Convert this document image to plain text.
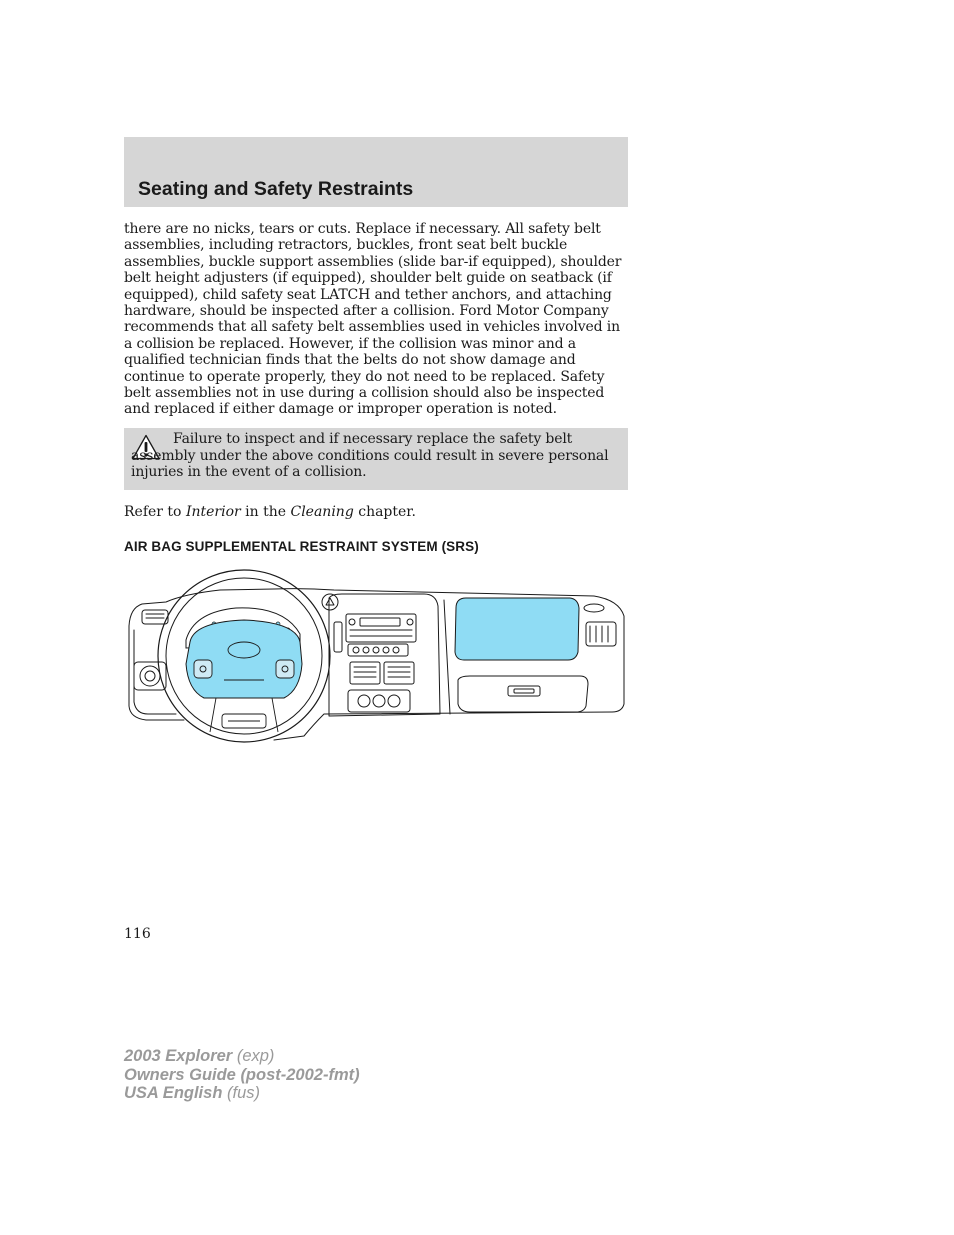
Seating and Safety Restraints

there are no nicks, tears or cuts. Replace if necessary. All safety belt assemblies, including retractors, buckles, front seat belt buckle assemblies, buckle support assemblies (slide bar-if equipped), shoulder belt height adjusters (if equipped), shoulder belt guide on seatback (if equipped), child safety seat LATCH and tether anchors, and attaching hardware, should be inspected after a collision. Ford Motor Company recommends that all safety belt assemblies used in vehicles involved in a collision be replaced. However, if the collision was minor and a qualified technician finds that the belts do not show damage and continue to operate properly, they do not need to be replaced. Safety belt assemblies not in use during a collision should also be inspected and replaced if either damage or improper operation is noted.

Failure to inspect and if necessary replace the safety belt assembly under the above conditions could result in severe personal injuries in the event of a collision.

Refer to Interior in the Cleaning chapter.

AIR BAG SUPPLEMENTAL RESTRAINT SYSTEM (SRS)

116

2003 Explorer (exp)
Owners Guide (post-2002-fmt)
USA English (fus)
